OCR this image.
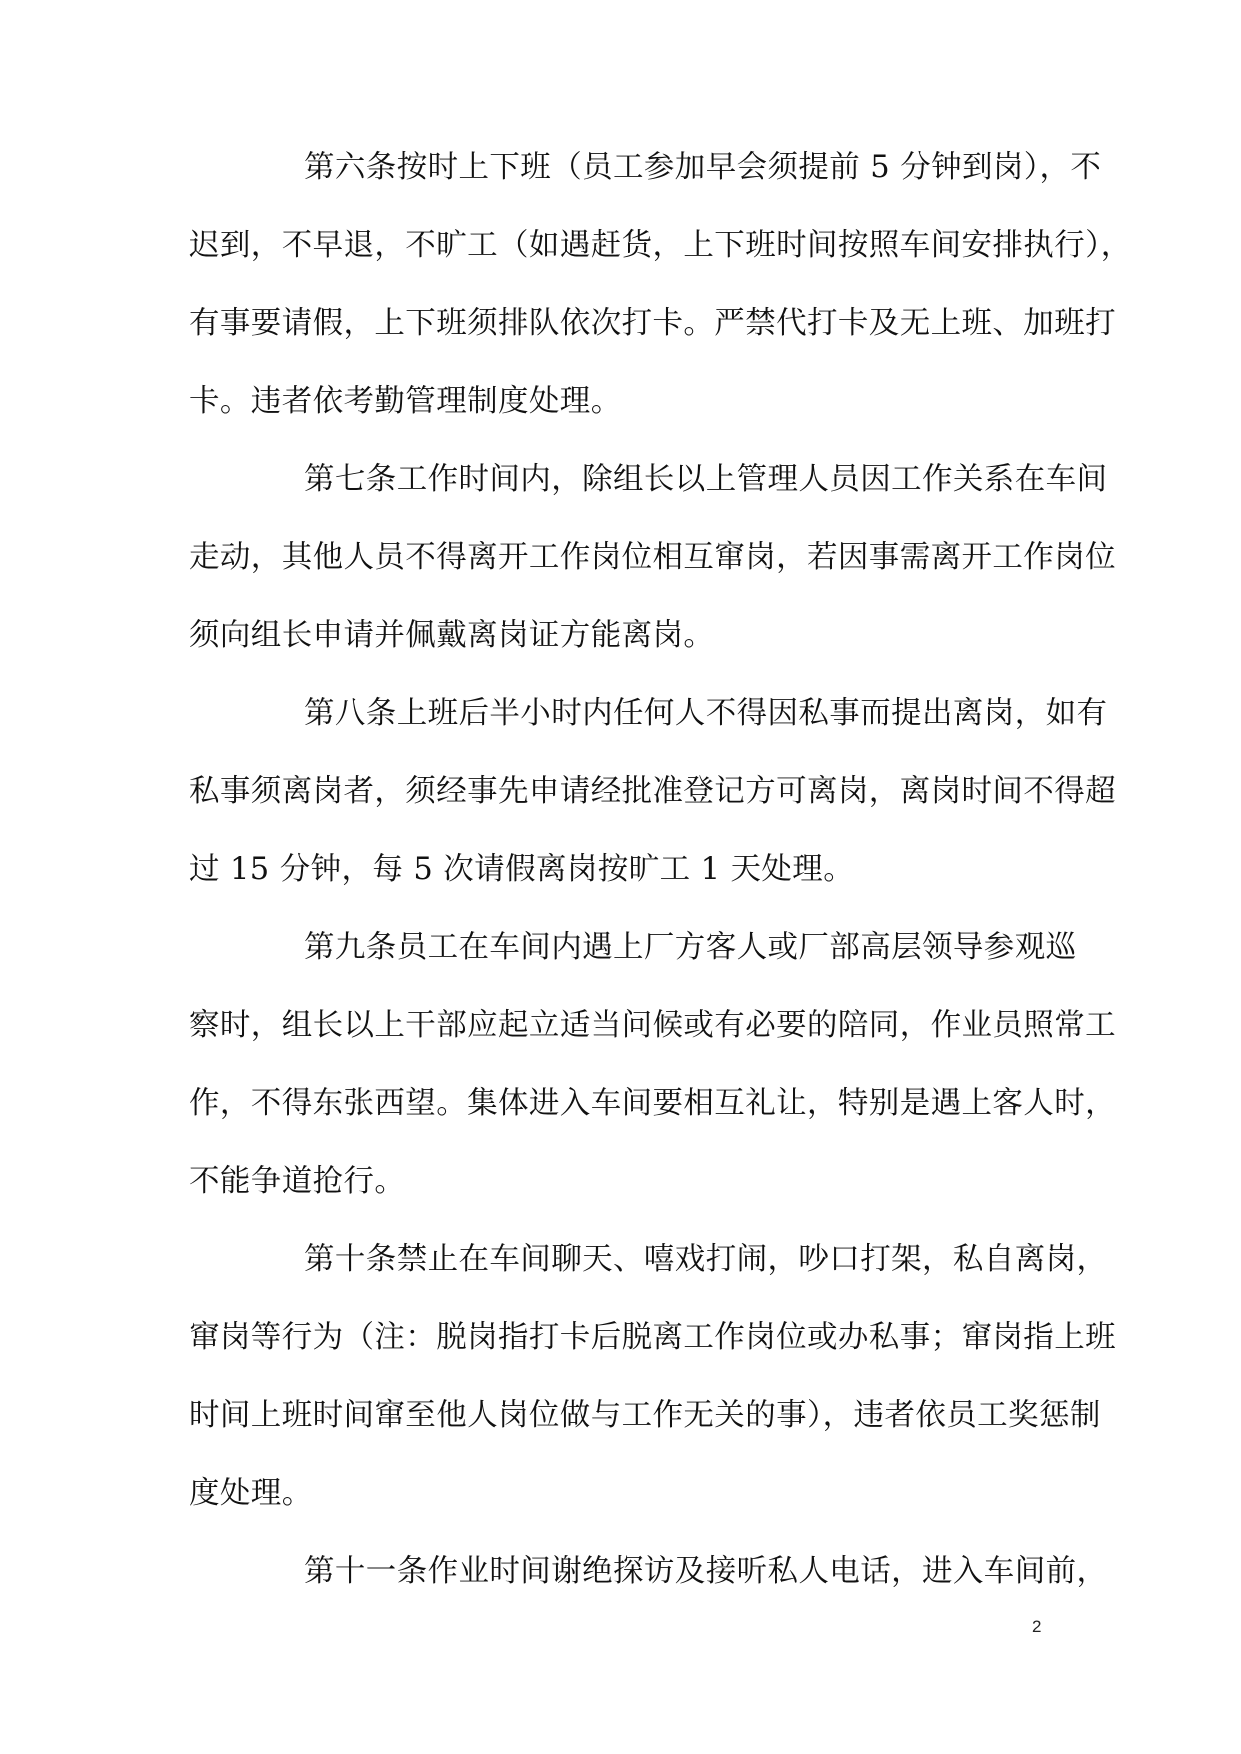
第六条按时上下班（员工参加早会须提前 5 分钟到岗），不
迟到，不早退，不旷工（如遇赶货，上下班时间按照车间安排执行），
有事要请假，上下班须排队依次打卡。严禁代打卡及无上班、加班打
卡。违者依考勤管理制度处理。
第七条工作时间内，除组长以上管理人员因工作关系在车间
走动，其他人员不得离开工作岗位相互窜岗，若因事需离开工作岗位
须向组长申请并佩戴离岗证方能离岗。
第八条上班后半小时内任何人不得因私事而提出离岗，如有
私事须离岗者，须经事先申请经批准登记方可离岗，离岗时间不得超
过 15 分钟，每 5 次请假离岗按旷工 1 天处理。
第九条员工在车间内遇上厂方客人或厂部高层领导参观巡
察时，组长以上干部应起立适当问候或有必要的陪同，作业员照常工
作，不得东张西望。集体进入车间要相互礼让，特别是遇上客人时，
不能争道抢行。
第十条禁止在车间聊天、嘻戏打闹，吵口打架，私自离岗，
窜岗等行为（注：脱岗指打卡后脱离工作岗位或办私事；窜岗指上班
时间上班时间窜至他人岗位做与工作无关的事），违者依员工奖惩制
度处理。
第十一条作业时间谢绝探访及接听私人电话，进入车间前，
2
